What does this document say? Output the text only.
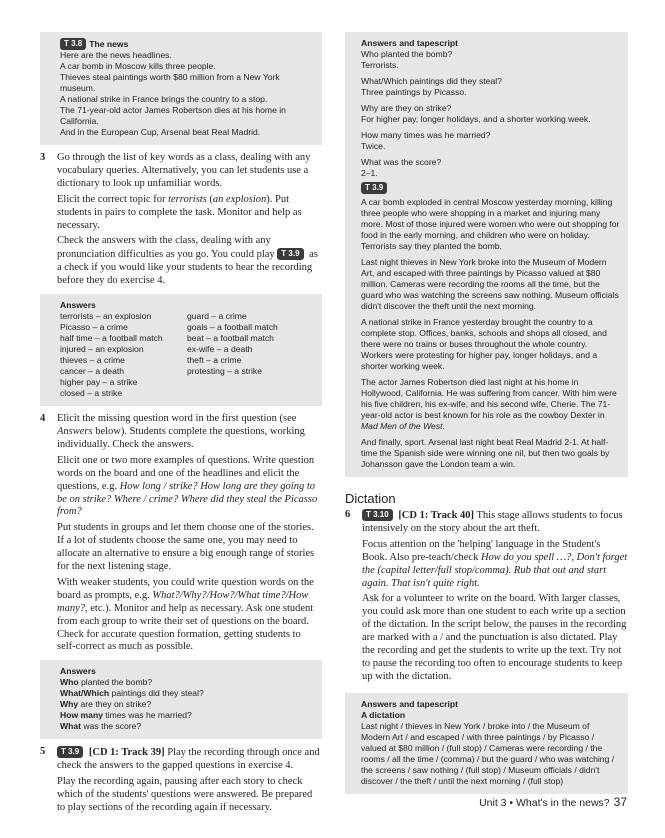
T 3.8 The news
Here are the news headlines.
A car bomb in Moscow kills three people.
Thieves steal paintings worth $80 million from a New York museum.
A national strike in France brings the country to a stop.
The 71-year-old actor James Robertson dies at his home in California.
And in the European Cup, Arsenal beat Real Madrid.
3 Go through the list of key words as a class, dealing with any vocabulary queries. Alternatively, you can let students use a dictionary to look up unfamiliar words.

Elicit the correct topic for terrorists (an explosion). Put students in pairs to complete the task. Monitor and help as necessary.

Check the answers with the class, dealing with any pronunciation difficulties as you go. You could play T 3.9 as a check if you would like your students to hear the recording before they do exercise 4.

Answers
terrorists – an explosion
Picasso – a crime
half time – a football match
injured – an explosion
thieves – a crime
cancer – a death
higher pay – a strike
closed – a strike
guard – a crime
goals – a football match
beat – a football match
ex-wife – a death
theft – a crime
protesting – a strike
4 Elicit the missing question word in the first question (see Answers below). Students complete the questions, working individually. Check the answers.

Elicit one or two more examples of questions. Write question words on the board and one of the headlines and elicit the questions, e.g. How long / strike? How long are they going to be on strike? Where / crime? Where did they steal the Picasso from?

Put students in groups and let them choose one of the stories. If a lot of students choose the same one, you may need to allocate an alternative to ensure a big enough range of stories for the next listening stage.

With weaker students, you could write question words on the board as prompts, e.g. What?/Why?/How?/What time?/How many?, etc.). Monitor and help as necessary. Ask one student from each group to write their set of questions on the board. Check for accurate question formation, getting students to self-correct as much as possible.

Answers
Who planted the bomb?
What/Which paintings did they steal?
Why are they on strike?
How many times was he married?
What was the score?
5	T 3.9 [CD 1: Track 39] Play the recording through once and check the answers to the gapped questions in exercise 4.

Play the recording again, pausing after each story to check which of the students' questions were answered. Be prepared to play sections of the recording again if necessary.

Answers and tapescript
Who planted the bomb?
Terrorists.
What/Which paintings did they steal?
Three paintings by Picasso.
Why are they on strike?
For higher pay, longer holidays, and a shorter working week.
How many times was he married?
Twice.
What was the score?
2–1.
T 3.9

A car bomb exploded in central Moscow yesterday morning, killing three people who were shopping in a market and injuring many more. Most of those injured were women who were out shopping for food in the early morning, and children who were on holiday. Terrorists say they planted the bomb.

Last night thieves in New York broke into the Museum of Modern Art, and escaped with three paintings by Picasso valued at $80 million. Cameras were recording the rooms all the time, but the guard who was watching the screens saw nothing. Museum officials didn't discover the theft until the next morning.

A national strike in France yesterday brought the country to a complete stop. Offices, banks, schools and shops all closed, and there were no trains or buses throughout the whole country. Workers were protesting for higher pay, longer holidays, and a shorter working week.

The actor James Robertson died last night at his home in Hollywood, California. He was suffering from cancer. With him were his five children, his ex-wife, and his second wife, Cherie. The 71-year-old actor is best known for his role as the cowboy Dexter in Mad Men of the West.

And finally, sport. Arsenal last night beat Real Madrid 2-1. At half-time the Spanish side were winning one nil, but then two goals by Johansson gave the London team a win.

Dictation
6	T 3.10 [CD 1: Track 40] This stage allows students to focus intensively on the story about the art theft.

Focus attention on the 'helping' language in the Student's Book. Also pre-teach/check How do you spell …?, Don't forget the (capital letter/full stop/comma). Rub that out and start again. That isn't quite right.

Ask for a volunteer to write on the board. With larger classes, you could ask more than one student to each write up a section of the dictation. In the script below, the pauses in the recording are marked with a / and the punctuation is also dictated. Play the recording and get the students to write up the text. Try not to pause the recording too often to encourage students to keep up with the dictation.

Answers and tapescript
A dictation
Last night / thieves in New York / broke into / the Museum of Modern Art / and escaped / with three paintings / by Picasso / valued at $80 million / (full stop) / Cameras were recording / the rooms / all the time / (comma) / but the guard / who was watching / the screens / saw nothing / (full stop) / Museum officials / didn't discover / the theft / until the next morning / (full stop)
Unit 3 • What's in the news? 37
